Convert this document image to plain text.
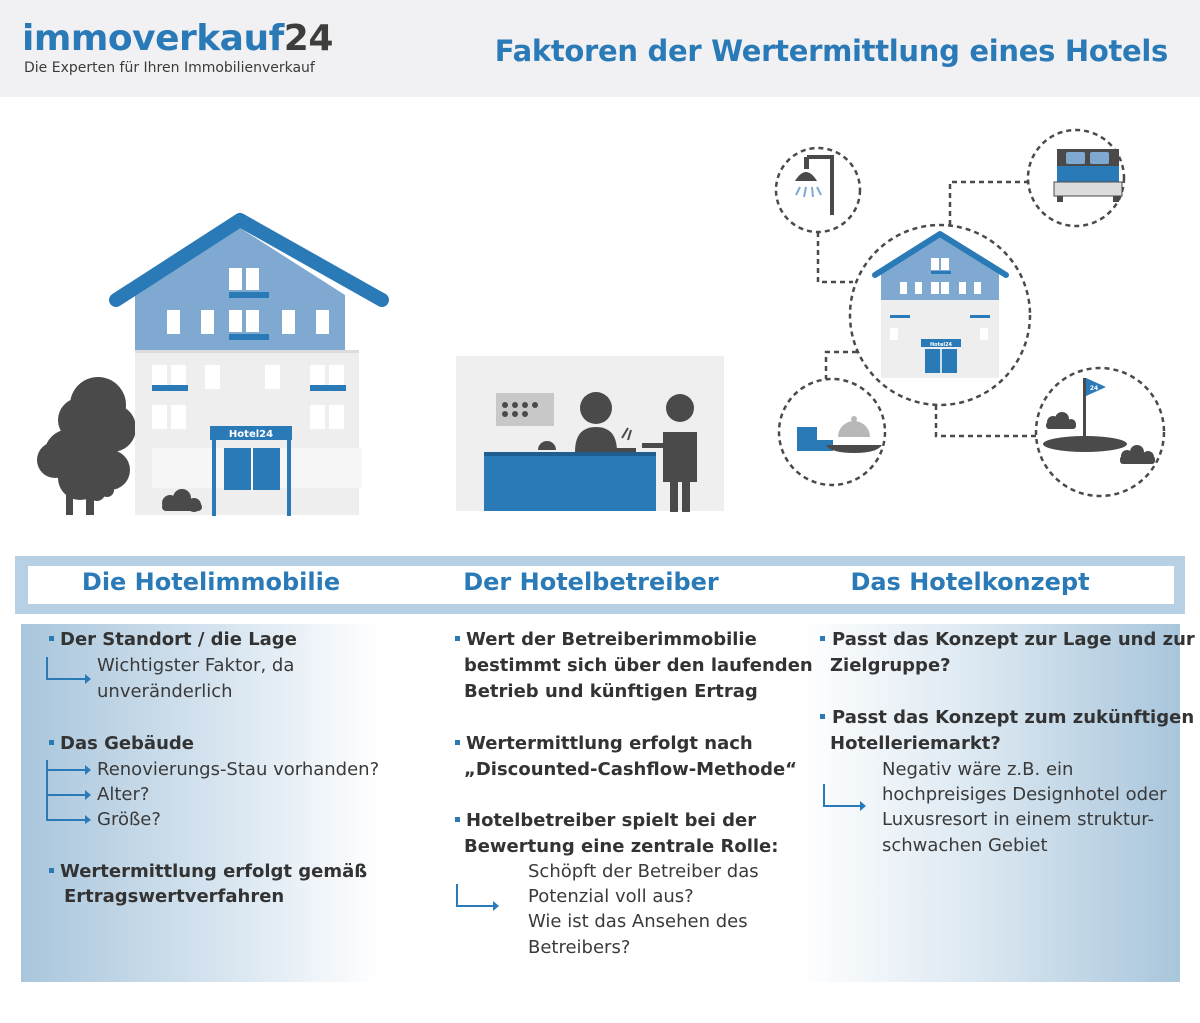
immoverkauf24
Die Experten für Ihren Immobilienverkauf	Faktoren der Wertermittlung eines Hotels
Hotel24
Hotel24
24
Die Hotelimmobilie	Der Hotelbetreiber	Das Hotelkonzept
Der Standort / die Lage
Wichtigster Faktor, da
unveränderlich
Das Gebäude
Renovierungs-Stau vorhanden?
Alter?
Größe?
Wertermittlung erfolgt gemäß
Ertragswertverfahren
Wert der Betreiberimmobilie
bestimmt sich über den laufenden
Betrieb und künftigen Ertrag
Wertermittlung erfolgt nach
„Discounted-Cashflow-Methode“
Hotelbetreiber spielt bei der
Bewertung eine zentrale Rolle:
Schöpft der Betreiber das
Potenzial voll aus?
Wie ist das Ansehen des
Betreibers?
Passt das Konzept zur Lage und zur
Zielgruppe?
Passt das Konzept zum zukünftigen
Hotelleriemarkt?
Negativ wäre z.B. ein
hochpreisiges Designhotel oder
Luxusresort in einem struktur-
schwachen Gebiet
